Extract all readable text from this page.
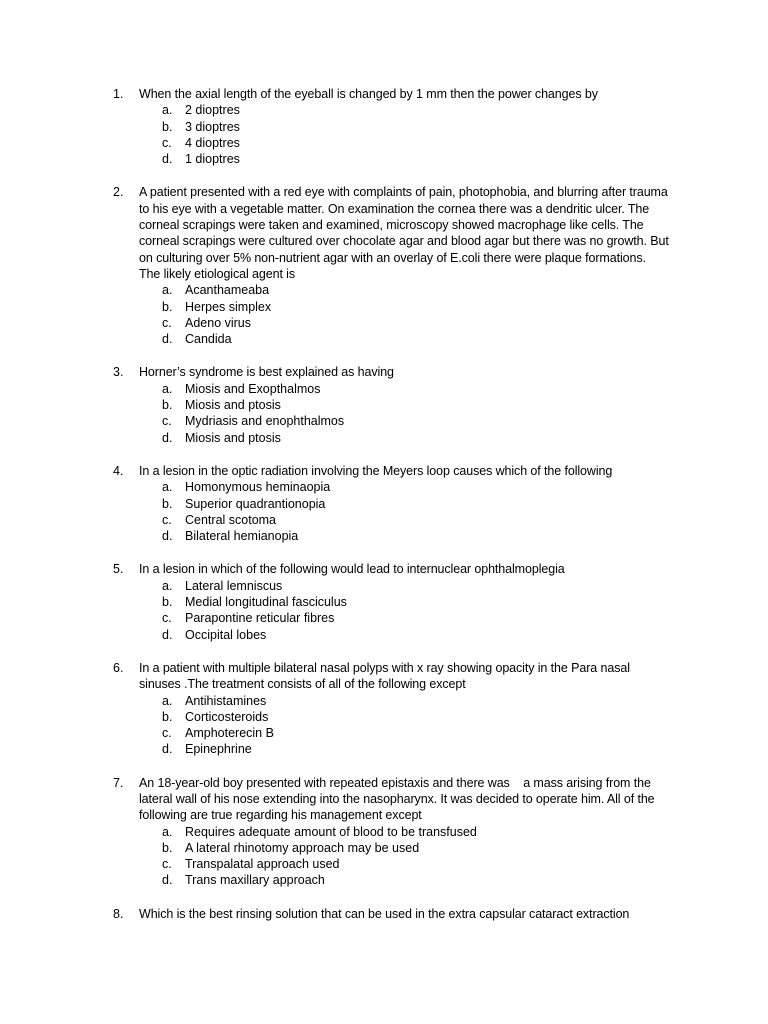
1.	When the axial length of the eyeball is changed by 1 mm then the power changes by
a. 2 dioptres
b. 3 dioptres
c. 4 dioptres
d. 1 dioptres
2.	A patient presented with a red eye with complaints of pain, photophobia, and blurring after trauma to his eye with a vegetable matter. On examination the cornea there was a dendritic ulcer. The corneal scrapings were taken and examined, microscopy showed macrophage like cells. The corneal scrapings were cultured over chocolate agar and blood agar but there was no growth. But on culturing over 5% non-nutrient agar with an overlay of E.coli there were plaque formations. The likely etiological agent is
a. Acanthameaba
b. Herpes simplex
c. Adeno virus
d. Candida
3.	Horner’s syndrome is best explained as having
a. Miosis and Exopthalmos
b. Miosis and ptosis
c. Mydriasis and enophthalmos
d. Miosis and ptosis
4.	In a lesion in the optic radiation involving the Meyers loop causes which of the following
a. Homonymous heminaopia
b. Superior quadrantionopia
c. Central scotoma
d. Bilateral hemianopia
5.	In a lesion in which of the following would lead to internuclear ophthalmoplegia
a. Lateral lemniscus
b. Medial longitudinal fasciculus
c. Parapontine reticular fibres
d. Occipital lobes
6.	In a patient with multiple bilateral nasal polyps with x ray showing opacity in the Para nasal sinuses .The treatment consists of all of the following except
a. Antihistamines
b. Corticosteroids
c. Amphoterecin B
d. Epinephrine
7.	An 18-year-old boy presented with repeated epistaxis and there was    a mass arising from the lateral wall of his nose extending into the nasopharynx. It was decided to operate him. All of the following are true regarding his management except
a. Requires adequate amount of blood to be transfused
b. A lateral rhinotomy approach may be used
c. Transpalatal approach used
d. Trans maxillary approach
8.	Which is the best rinsing solution that can be used in the extra capsular cataract extraction
